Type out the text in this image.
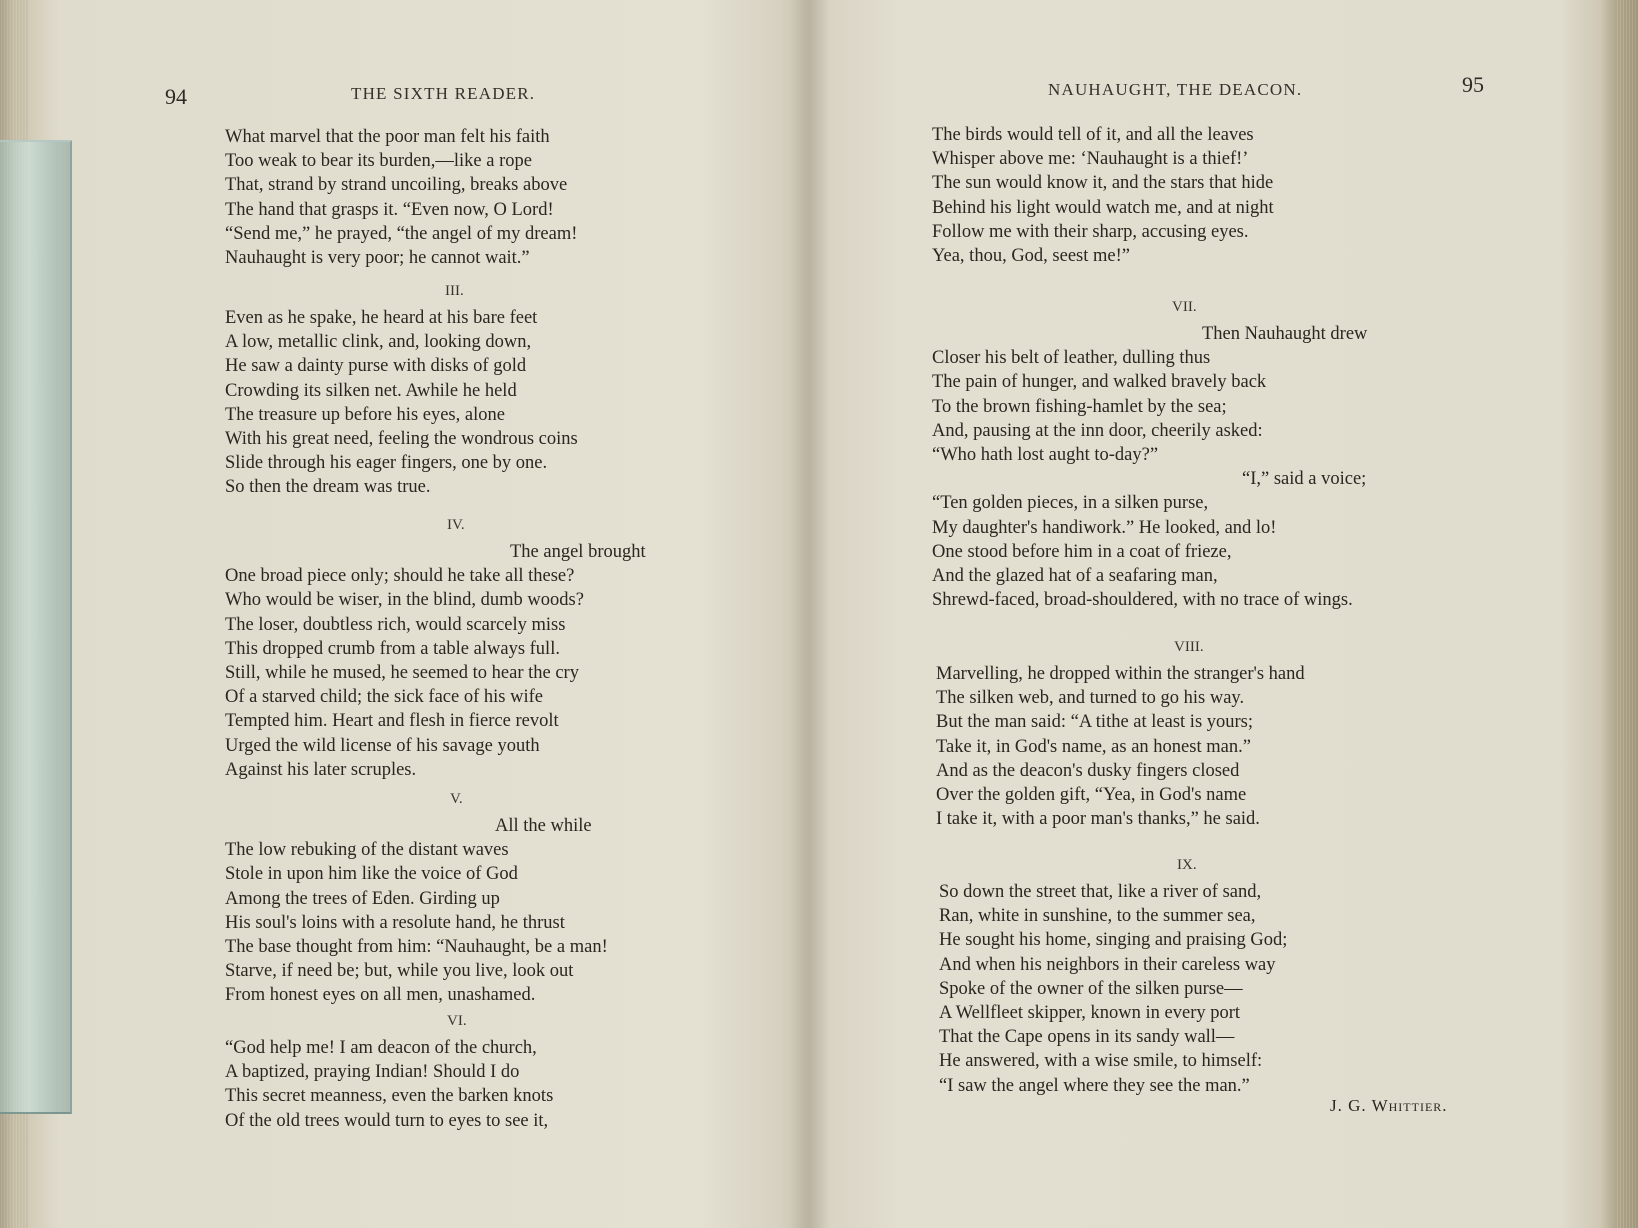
94	THE SIXTH READER.
What marvel that the poor man felt his faith
Too weak to bear its burden,—like a rope
That, strand by strand uncoiling, breaks above
The hand that grasps it. “Even now, O Lord!
“Send me,” he prayed, “the angel of my dream!
Nauhaught is very poor; he cannot wait.”
III.
Even as he spake, he heard at his bare feet
A low, metallic clink, and, looking down,
He saw a dainty purse with disks of gold
Crowding its silken net. Awhile he held
The treasure up before his eyes, alone
With his great need, feeling the wondrous coins
Slide through his eager fingers, one by one.
So then the dream was true.
IV.
The angel brought
One broad piece only; should he take all these?
Who would be wiser, in the blind, dumb woods?
The loser, doubtless rich, would scarcely miss
This dropped crumb from a table always full.
Still, while he mused, he seemed to hear the cry
Of a starved child; the sick face of his wife
Tempted him. Heart and flesh in fierce revolt
Urged the wild license of his savage youth
Against his later scruples.
V.
All the while
The low rebuking of the distant waves
Stole in upon him like the voice of God
Among the trees of Eden. Girding up
His soul's loins with a resolute hand, he thrust
The base thought from him: “Nauhaught, be a man!
Starve, if need be; but, while you live, look out
From honest eyes on all men, unashamed.
VI.
“God help me! I am deacon of the church,
A baptized, praying Indian! Should I do
This secret meanness, even the barken knots
Of the old trees would turn to eyes to see it,
NAUHAUGHT, THE DEACON.	95
The birds would tell of it, and all the leaves
Whisper above me: ‘Nauhaught is a thief!’
The sun would know it, and the stars that hide
Behind his light would watch me, and at night
Follow me with their sharp, accusing eyes.
Yea, thou, God, seest me!”
VII.
Then Nauhaught drew
Closer his belt of leather, dulling thus
The pain of hunger, and walked bravely back
To the brown fishing-hamlet by the sea;
And, pausing at the inn door, cheerily asked:
“Who hath lost aught to-day?”
“I,” said a voice;
“Ten golden pieces, in a silken purse,
My daughter's handiwork.” He looked, and lo!
One stood before him in a coat of frieze,
And the glazed hat of a seafaring man,
Shrewd-faced, broad-shouldered, with no trace of wings.
VIII.
Marvelling, he dropped within the stranger's hand
The silken web, and turned to go his way.
But the man said: “A tithe at least is yours;
Take it, in God's name, as an honest man.”
And as the deacon's dusky fingers closed
Over the golden gift, “Yea, in God's name
I take it, with a poor man's thanks,” he said.
IX.
So down the street that, like a river of sand,
Ran, white in sunshine, to the summer sea,
He sought his home, singing and praising God;
And when his neighbors in their careless way
Spoke of the owner of the silken purse—
A Wellfleet skipper, known in every port
That the Cape opens in its sandy wall—
He answered, with a wise smile, to himself:
“I saw the angel where they see the man.”
J. G. Whittier.
